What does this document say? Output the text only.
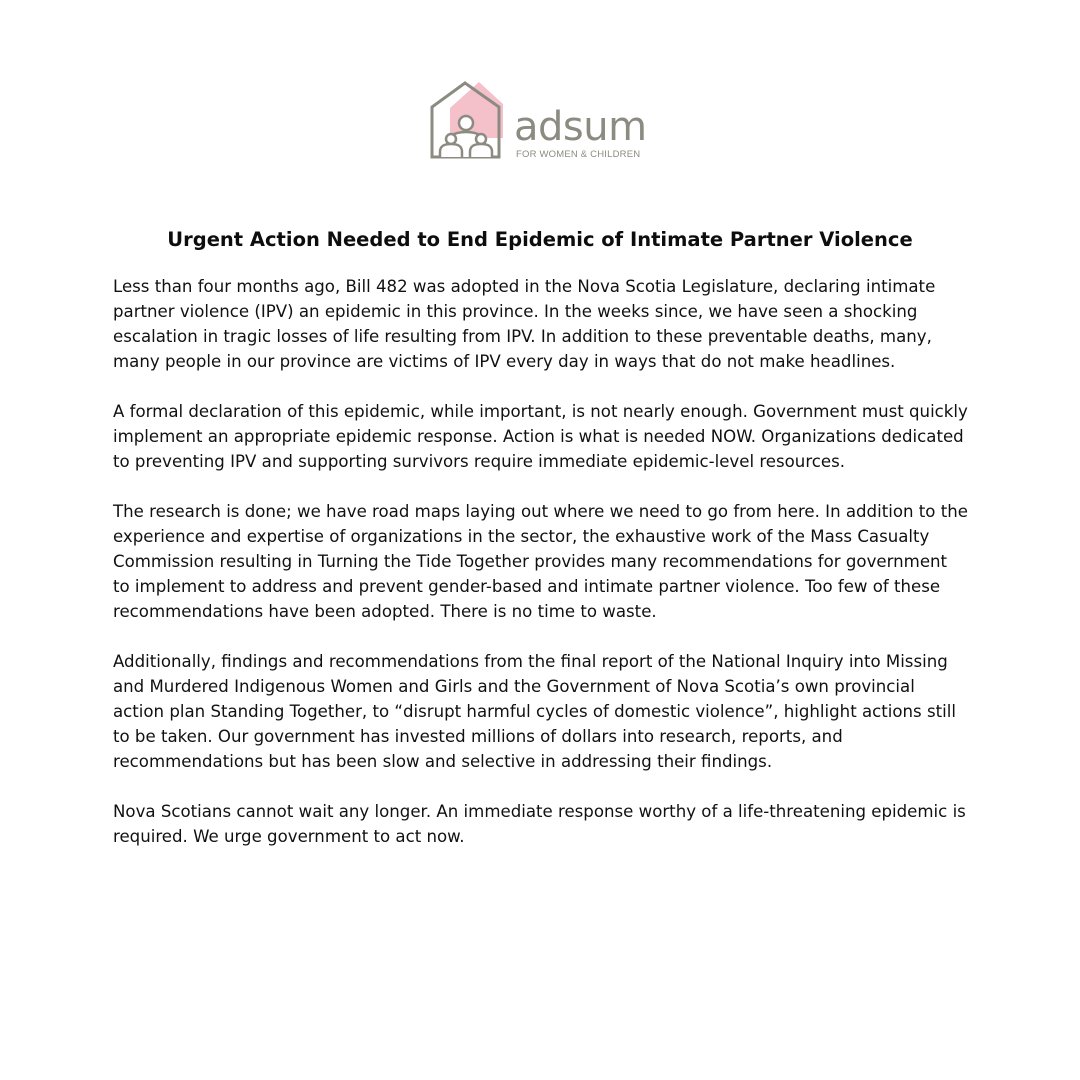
adsum
FOR WOMEN & CHILDREN
Urgent Action Needed to End Epidemic of Intimate Partner Violence

Less than four months ago, Bill 482 was adopted in the Nova Scotia Legislature, declaring intimate partner violence (IPV) an epidemic in this province. In the weeks since, we have seen a shocking escalation in tragic losses of life resulting from IPV. In addition to these preventable deaths, many, many people in our province are victims of IPV every day in ways that do not make headlines.

A formal declaration of this epidemic, while important, is not nearly enough. Government must quickly implement an appropriate epidemic response. Action is what is needed NOW. Organizations dedicated to preventing IPV and supporting survivors require immediate epidemic-level resources.

The research is done; we have road maps laying out where we need to go from here. In addition to the experience and expertise of organizations in the sector, the exhaustive work of the Mass Casualty Commission resulting in Turning the Tide Together provides many recommendations for government to implement to address and prevent gender-based and intimate partner violence. Too few of these recommendations have been adopted. There is no time to waste.

Additionally, findings and recommendations from the final report of the National Inquiry into Missing and Murdered Indigenous Women and Girls and the Government of Nova Scotia’s own provincial action plan Standing Together, to “disrupt harmful cycles of domestic violence”, highlight actions still to be taken. Our government has invested millions of dollars into research, reports, and recommendations but has been slow and selective in addressing their findings.

Nova Scotians cannot wait any longer. An immediate response worthy of a life-threatening epidemic is required. We urge government to act now.
